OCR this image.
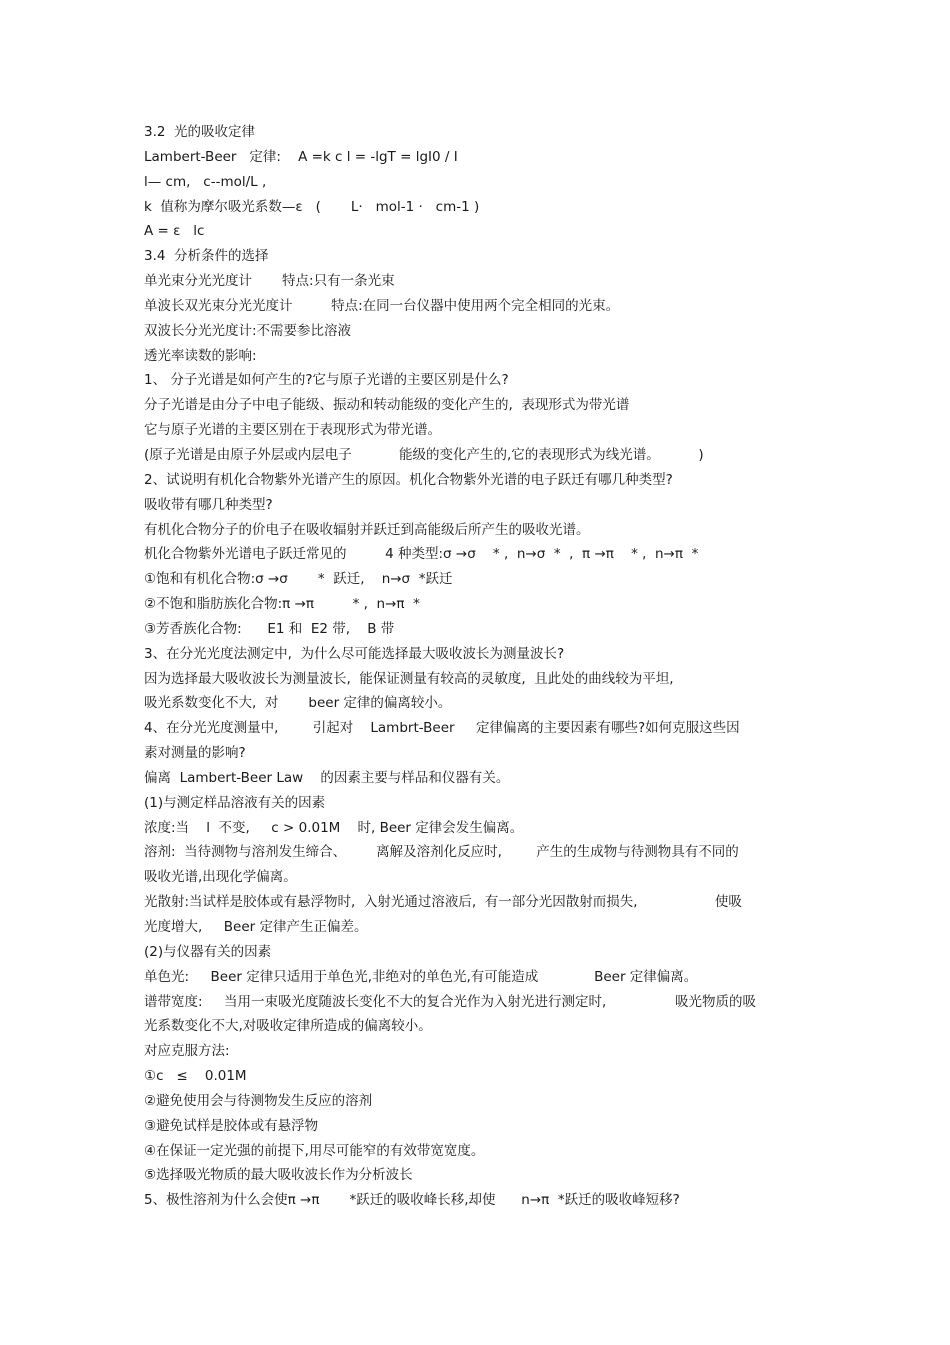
3.2  光的吸收定律
Lambert-Beer   定律:    A =k c l = -lgT = lgI0 / I
l— cm,   c--mol/L ,
k  值称为摩尔吸光系数—ε   (       L·   mol-1 ·   cm-1 )
A = ε   lc
3.4  分析条件的选择
单光束分光光度计       特点:只有一条光束
单波长双光束分光光度计         特点:在同一台仪器中使用两个完全相同的光束。
双波长分光光度计:不需要参比溶液
透光率读数的影响:
1、 分子光谱是如何产生的?它与原子光谱的主要区别是什么?
分子光谱是由分子中电子能级、振动和转动能级的变化产生的,  表现形式为带光谱
它与原子光谱的主要区别在于表现形式为带光谱。
(原子光谱是由原子外层或内层电子           能级的变化产生的,它的表现形式为线光谱。         )
2、试说明有机化合物紫外光谱产生的原因。机化合物紫外光谱的电子跃迁有哪几种类型?
吸收带有哪几种类型?
有机化合物分子的价电子在吸收辐射并跃迁到高能级后所产生的吸收光谱。
机化合物紫外光谱电子跃迁常见的         4 种类型:σ →σ    * ,  n→σ  *  ,  π →π    * ,  n→π  *
①饱和有机化合物:σ →σ       *  跃迁,    n→σ  *跃迁
②不饱和脂肪族化合物:π →π         * ,  n→π  *
③芳香族化合物:      E1 和  E2 带,    B 带
3、在分光光度法测定中,  为什么尽可能选择最大吸收波长为测量波长?
因为选择最大吸收波长为测量波长,  能保证测量有较高的灵敏度,  且此处的曲线较为平坦,
吸光系数变化不大,  对       beer 定律的偏离较小。
4、在分光光度测量中,        引起对    Lambrt-Beer     定律偏离的主要因素有哪些?如何克服这些因
素对测量的影响?
偏离  Lambert-Beer Law    的因素主要与样品和仪器有关。
(1)与测定样品溶液有关的因素
浓度:当    l  不变,     c > 0.01M    时, Beer 定律会发生偏离。
溶剂:  当待测物与溶剂发生缔合、       离解及溶剂化反应时,        产生的生成物与待测物具有不同的
吸收光谱,出现化学偏离。
光散射:当试样是胶体或有悬浮物时,  入射光通过溶液后,  有一部分光因散射而损失,                  使吸
光度增大,     Beer 定律产生正偏差。
(2)与仪器有关的因素
单色光:     Beer 定律只适用于单色光,非绝对的单色光,有可能造成             Beer 定律偏离。
谱带宽度:     当用一束吸光度随波长变化不大的复合光作为入射光进行测定时,                吸光物质的吸
光系数变化不大,对吸收定律所造成的偏离较小。
对应克服方法:
①c   ≤    0.01M
②避免使用会与待测物发生反应的溶剂
③避免试样是胶体或有悬浮物
④在保证一定光强的前提下,用尽可能窄的有效带宽宽度。
⑤选择吸光物质的最大吸收波长作为分析波长
5、极性溶剂为什么会使π →π       *跃迁的吸收峰长移,却使      n→π  *跃迁的吸收峰短移?
